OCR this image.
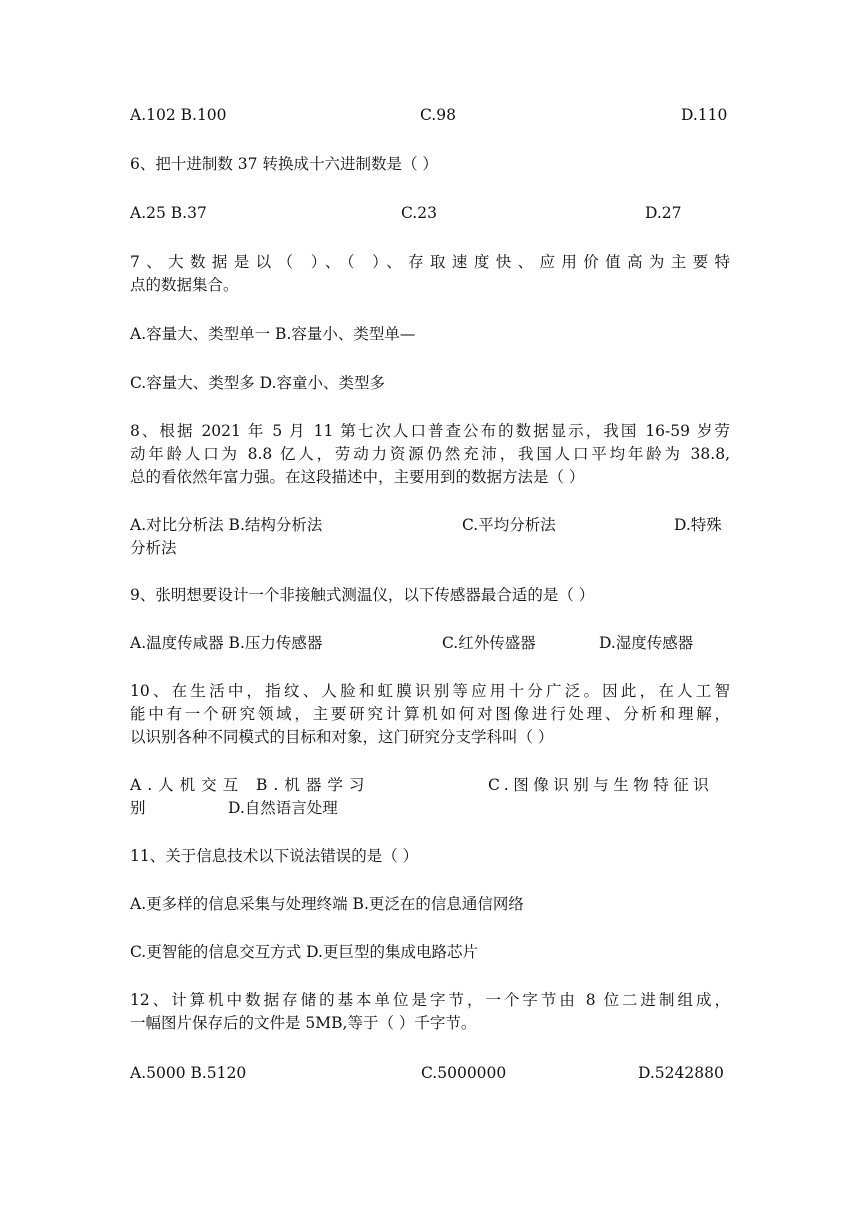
A.102 B.100	C.98	D.110
6、把十进制数 37 转换成十六进制数是（ ）
A.25 B.37	C.23	D.27
7、大数据是以（ ）、（ ）、存取速度快、应用价值高为主要特
点的数据集合。
A.容量大、类型单一 B.容量小、类型单—
C.容量大、类型多 D.容童小、类型多
8、根据 2021 年 5 月 11 第七次人口普查公布的数据显示，我国 16-59 岁劳
动年龄人口为 8.8 亿人，劳动力资源仍然充沛，我国人口平均年龄为 38.8,
总的看依然年富力强。在这段描述中，主要用到的数据方法是（ ）
A.对比分析法 B.结构分析法	C.平均分析法	D.特殊
分析法
9、张明想要设计一个非接触式测温仪，以下传感器最合适的是（ ）
A.温度传咸器 B.压力传感器	C.红外传盛器	D.湿度传感器
10、在生活中，指纹、人脸和虹膜识别等应用十分广泛。因此，在人工智
能中有一个研究领域，主要研究计算机如何对图像进行处理、分析和理解，
以识别各种不同模式的目标和对象，这门研究分支学科叫（ ）
A.人机交互 B.机器学习	C.图像识别与生物特征识
别	D.自然语言处理
11、关于信息技术以下说法错误的是（ ）
A.更多样的信息采集与处理终端 B.更泛在的信息通信网络
C.更智能的信息交互方式 D.更巨型的集成电路芯片
12、计算机中数据存储的基本单位是字节，一个字节由 8 位二进制组成，
一幅图片保存后的文件是 5MB,等于（ ）千字节。
A.5000 B.5120	C.5000000	D.5242880
